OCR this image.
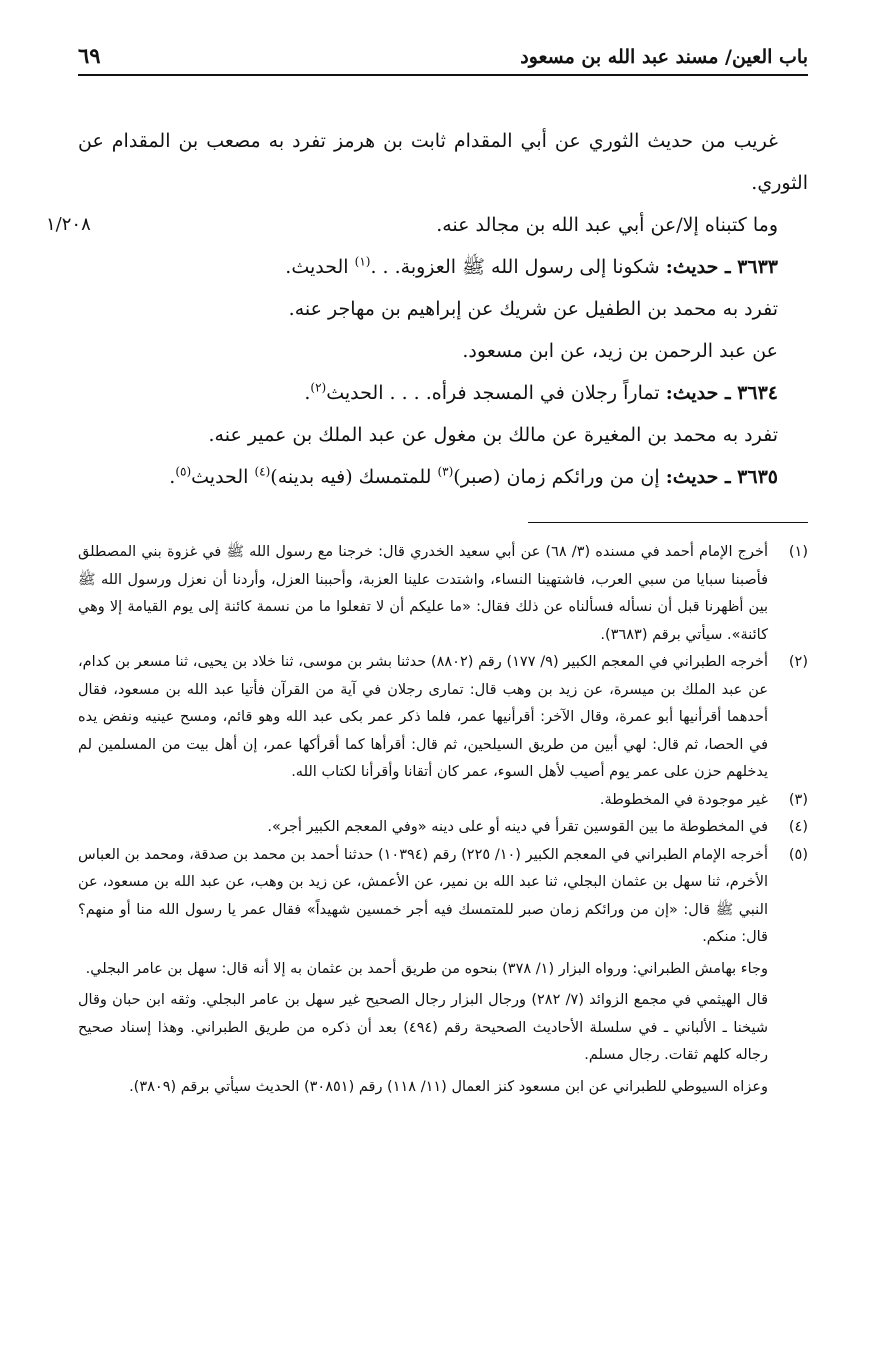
باب العين/ مسند عبد الله بن مسعود
٦٩

غريب من حديث الثوري عن أبي المقدام ثابت بن هرمز تفرد به مصعب بن المقدام عن الثوري.

وما كتبناه إلا/عن أبي عبد الله بن مجالد عنه.
١/٢٠٨

٣٦٣٣ ـ حديث: شكونا إلى رسول الله ﷺ العزوبة. . .$^{(١)}$ الحديث.

تفرد به محمد بن الطفيل عن شريك عن إبراهيم بن مهاجر عنه.

عن عبد الرحمن بن زيد، عن ابن مسعود.

٣٦٣٤ ـ حديث: تماراً رجلان في المسجد فرأه. . . . الحديث$^{(٢)}$.

تفرد به محمد بن المغيرة عن مالك بن مغول عن عبد الملك بن عمير عنه.

٣٦٣٥ ـ حديث: إن من ورائكم زمان (صبر)$^{(٣)}$ للمتمسك (فيه بدينه)$^{(٤)}$ الحديث$^{(٥)}$.

(١)
أخرج الإمام أحمد في مسنده (٣/ ٦٨) عن أبي سعيد الخدري قال: خرجنا مع رسول الله ﷺ في غزوة بني المصطلق فأصبنا سبايا من سبي العرب، فاشتهينا النساء، واشتدت علينا العزبة، وأحببنا العزل، وأردنا أن نعزل ورسول الله ﷺ بين أظهرنا قبل أن نسأله فسألناه عن ذلك فقال: «ما عليكم أن لا تفعلوا ما من نسمة كائنة إلى يوم القيامة إلا وهي كائنة». سيأتي برقم (٣٦٨٣).
(٢)
أخرجه الطبراني في المعجم الكبير (٩/ ١٧٧) رقم (٨٨٠٢) حدثنا بشر بن موسى، ثنا خلاد بن يحيى، ثنا مسعر بن كدام، عن عبد الملك بن ميسرة، عن زيد بن وهب قال: تمارى رجلان في آية من القرآن فأتيا عبد الله بن مسعود، فقال أحدهما أقرأنيها أبو عمرة، وقال الآخر: أقرأنيها عمر، فلما ذكر عمر بكى عبد الله وهو قائم، ومسح عينيه ونفض يده في الحصا، ثم قال: لهي أبين من طريق السيلحين، ثم قال: أقرأها كما أقرأكها عمر، إن أهل بيت من المسلمين لم يدخلهم حزن على عمر يوم أصيب لأهل السوء، عمر كان أتقانا وأقرأنا لكتاب الله.
(٣)
غير موجودة في المخطوطة.
(٤)
في المخطوطة ما بين القوسين تقرأ في دينه أو على دينه «وفي المعجم الكبير أجر».
(٥)
أخرجه الإمام الطبراني في المعجم الكبير (١٠/ ٢٢٥) رقم (١٠٣٩٤) حدثنا أحمد بن محمد بن صدقة، ومحمد بن العباس الأخرم، ثنا سهل بن عثمان البجلي، ثنا عبد الله بن نمير، عن الأعمش، عن زيد بن وهب، عن عبد الله بن مسعود، عن النبي ﷺ قال: «إن من ورائكم زمان صبر للمتمسك فيه أجر خمسين شهيداً» فقال عمر يا رسول الله منا أو منهم؟ قال: منكم.
وجاء بهامش الطبراني: ورواه البزار (١/ ٣٧٨) بنحوه من طريق أحمد بن عثمان به إلا أنه قال: سهل بن عامر البجلي.
قال الهيثمي في مجمع الزوائد (٧/ ٢٨٢) ورجال البزار رجال الصحيح غير سهل بن عامر البجلي. وثقه ابن حبان وقال شيخنا ـ الألباني ـ في سلسلة الأحاديث الصحيحة رقم (٤٩٤) بعد أن ذكره من طريق الطبراني. وهذا إسناد صحيح رجاله كلهم ثقات. رجال مسلم.
وعزاه السيوطي للطبراني عن ابن مسعود كنز العمال (١١/ ١١٨) رقم (٣٠٨٥١) الحديث سيأتي برقم (٣٨٠٩).
